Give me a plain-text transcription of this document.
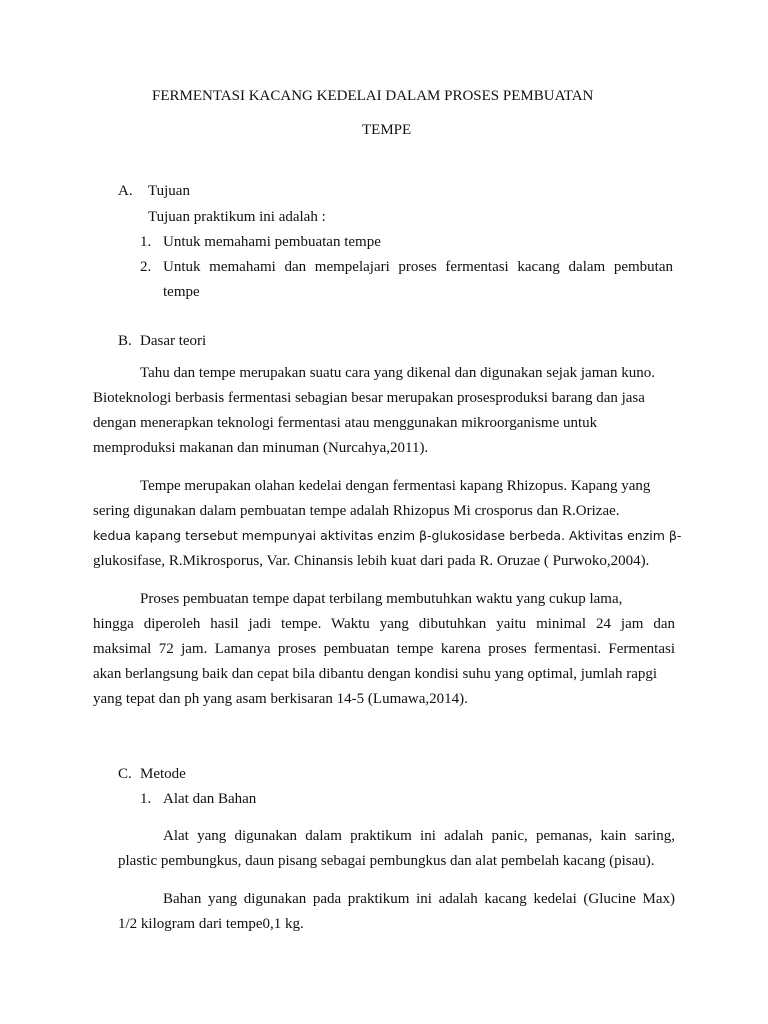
FERMENTASI KACANG KEDELAI DALAM PROSES PEMBUATAN
TEMPE
A. Tujuan
Tujuan praktikum ini adalah :
1. Untuk memahami pembuatan tempe
2. Untuk memahami dan mempelajari proses fermentasi kacang dalam pembutan
tempe
B. Dasar teori
Tahu dan tempe merupakan suatu cara yang dikenal dan digunakan sejak jaman kuno.
Bioteknologi berbasis fermentasi sebagian besar merupakan prosesproduksi barang dan jasa
dengan menerapkan teknologi fermentasi atau menggunakan mikroorganisme untuk
memproduksi makanan dan minuman (Nurcahya,2011).
Tempe merupakan olahan kedelai dengan fermentasi kapang Rhizopus. Kapang yang
sering digunakan dalam pembuatan tempe adalah Rhizopus Mi crosporus dan R.Orizae.
kedua kapang tersebut mempunyai aktivitas enzim β-glukosidase berbeda. Aktivitas enzim β-
glukosifase, R.Mikrosporus, Var. Chinansis lebih kuat dari pada R. Oruzae ( Purwoko,2004).
Proses pembuatan tempe dapat terbilang membutuhkan waktu yang cukup lama,
hingga diperoleh hasil jadi tempe. Waktu yang dibutuhkan yaitu minimal 24 jam dan
maksimal 72 jam. Lamanya proses pembuatan tempe karena proses fermentasi. Fermentasi
akan berlangsung baik dan cepat bila dibantu dengan kondisi suhu yang optimal, jumlah rapgi
yang tepat dan ph yang asam berkisaran 14-5 (Lumawa,2014).
C. Metode
1. Alat dan Bahan
Alat yang digunakan dalam praktikum ini adalah panic, pemanas, kain saring,
plastic pembungkus, daun pisang sebagai pembungkus dan alat pembelah kacang (pisau).
Bahan yang digunakan pada praktikum ini adalah kacang kedelai (Glucine Max)
1/2 kilogram dari tempe0,1 kg.
